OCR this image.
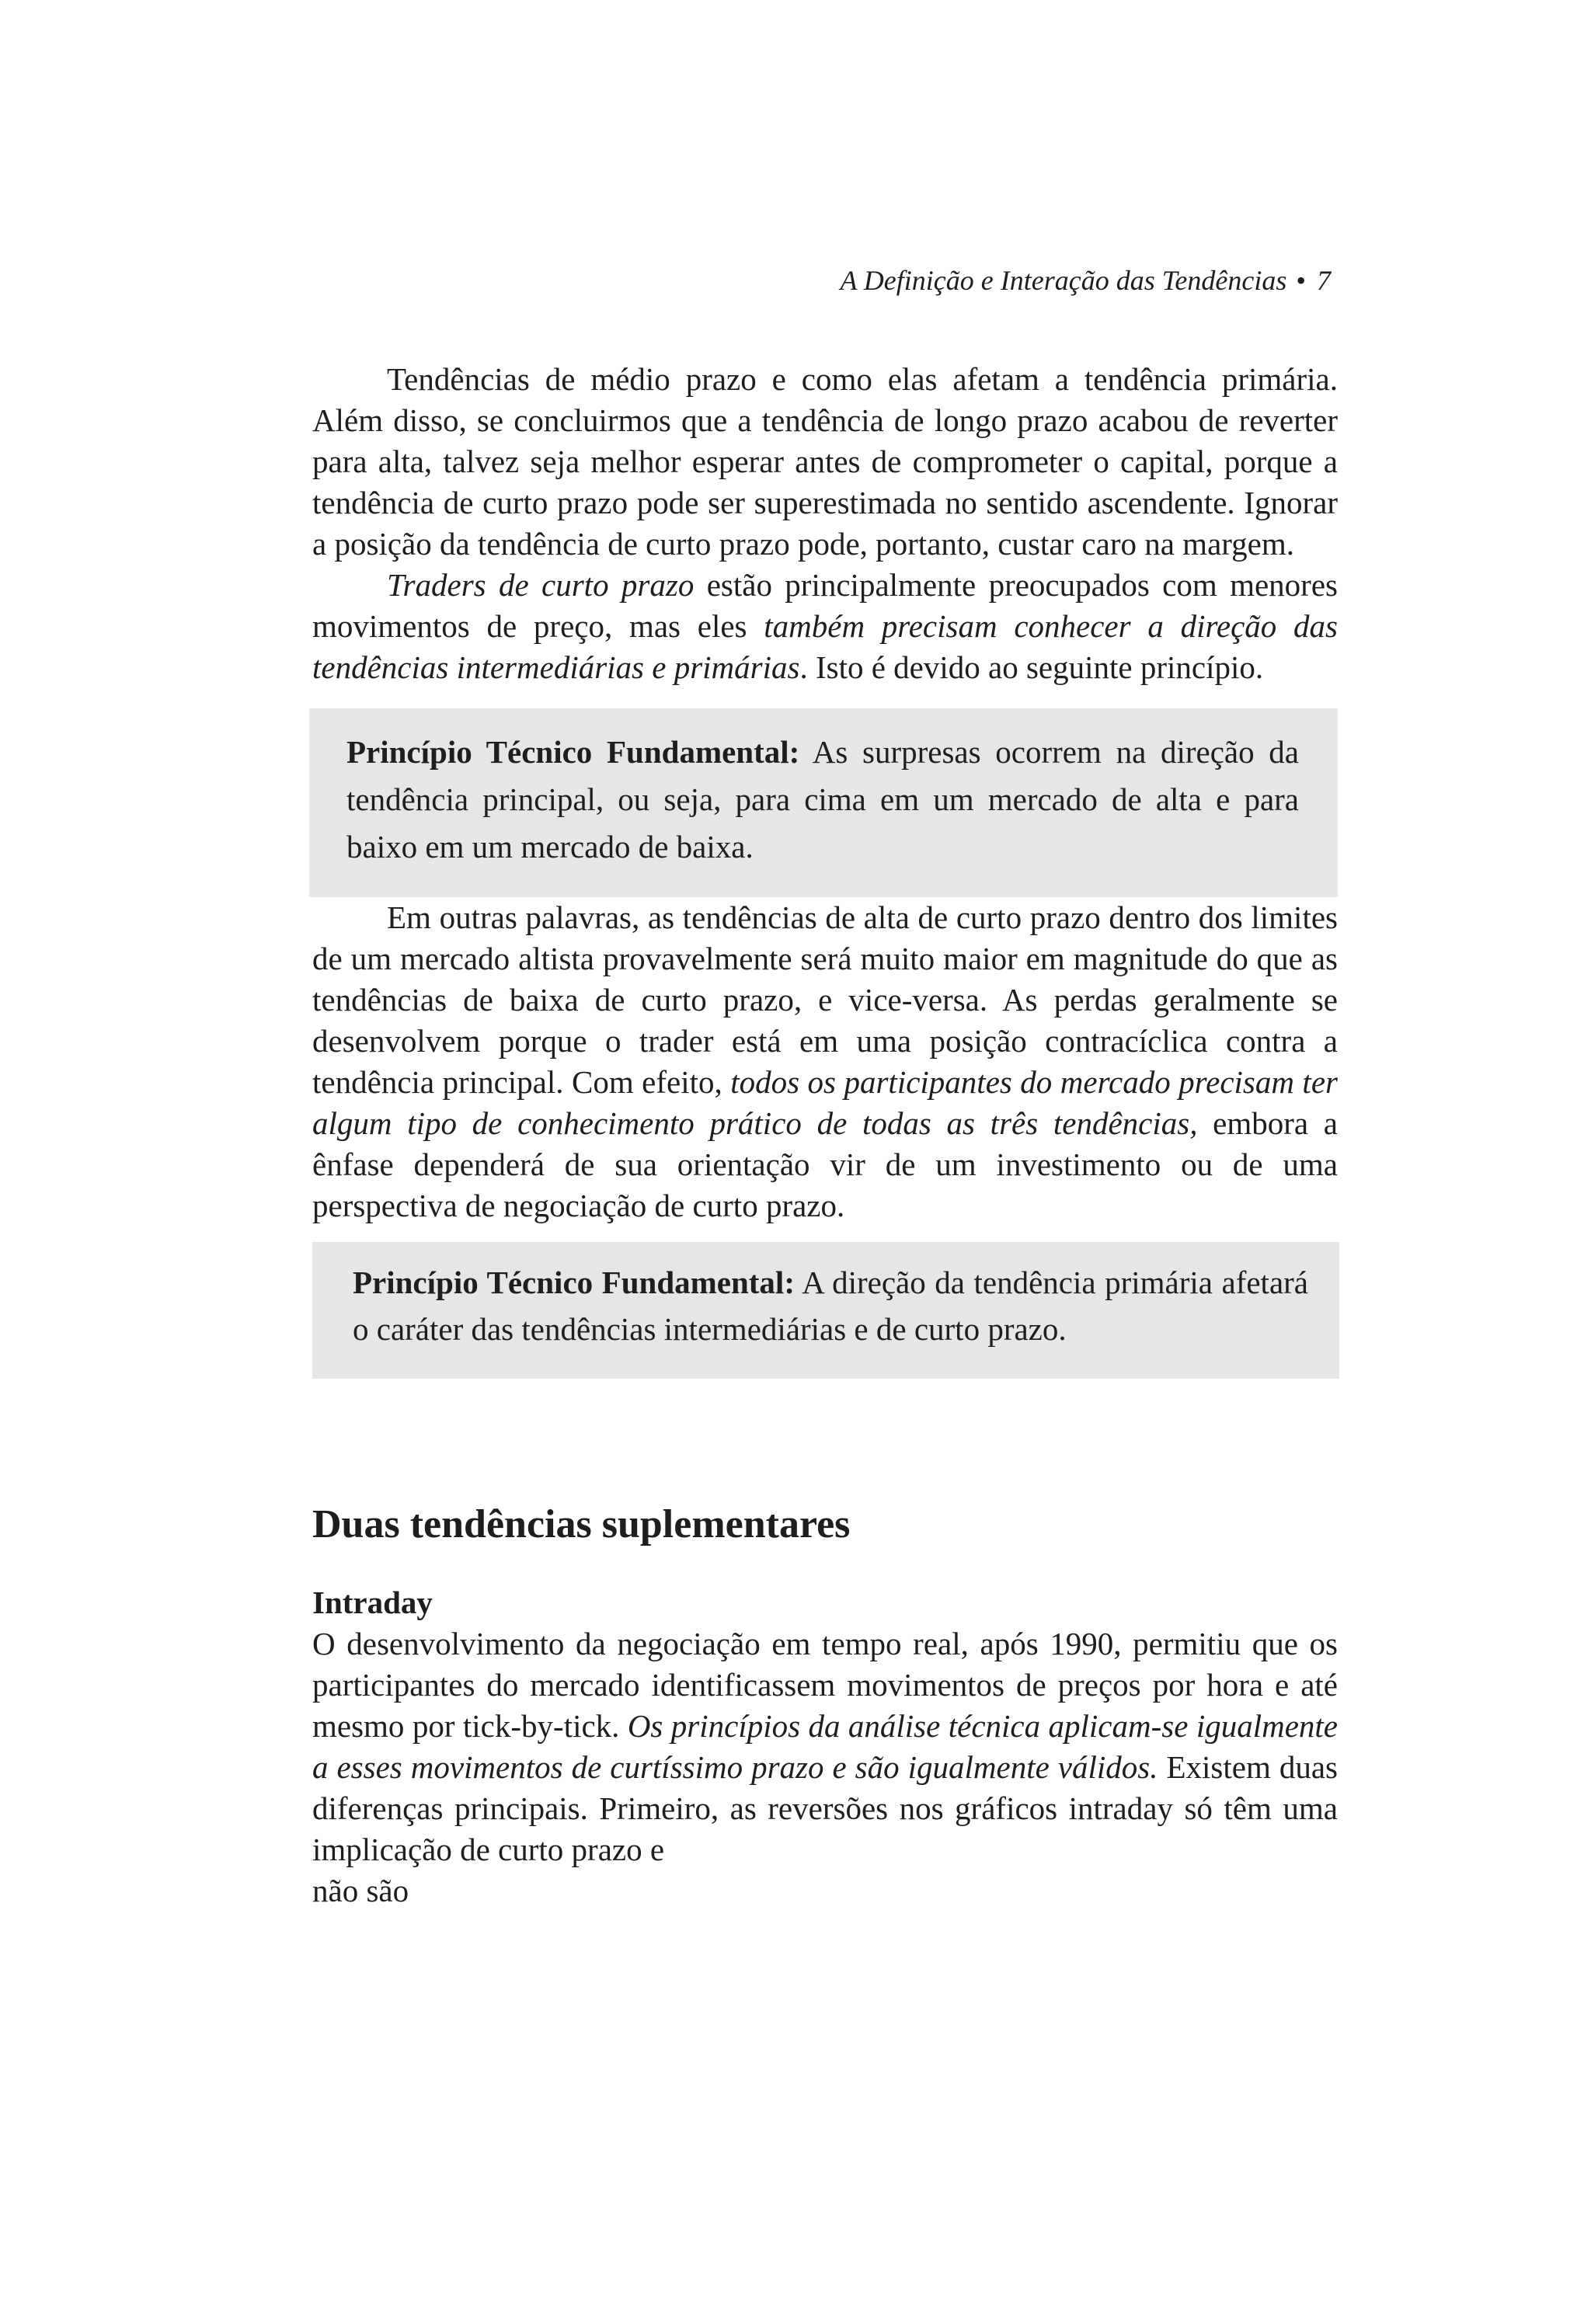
A Definição e Interação das Tendências • 7

Tendências de médio prazo e como elas afetam a tendência primária. Além disso, se concluirmos que a tendência de longo prazo acabou de reverter para alta, talvez seja melhor esperar antes de comprometer o capital, porque a tendência de curto prazo pode ser superestimada no sentido ascendente. Ignorar a posição da tendência de curto prazo pode, portanto, custar caro na margem.

Traders de curto prazo estão principalmente preocupados com menores movimentos de preço, mas eles também precisam conhecer a direção das tendências intermediárias e primárias. Isto é devido ao seguinte princípio.

Princípio Técnico Fundamental: As surpresas ocorrem na direção da tendência principal, ou seja, para cima em um mercado de alta e para baixo em um mercado de baixa.

Em outras palavras, as tendências de alta de curto prazo dentro dos limites de um mercado altista provavelmente será muito maior em magnitude do que as tendências de baixa de curto prazo, e vice-versa. As perdas geralmente se desenvolvem porque o trader está em uma posição contracíclica contra a tendência principal. Com efeito, todos os participantes do mercado precisam ter algum tipo de conhecimento prático de todas as três tendências, embora a ênfase dependerá de sua orientação vir de um investimento ou de uma perspectiva de negociação de curto prazo.

Princípio Técnico Fundamental: A direção da tendência primária afetará o caráter das tendências intermediárias e de curto prazo.
Duas tendências suplementares
Intraday

O desenvolvimento da negociação em tempo real, após 1990, permitiu que os participantes do mercado identificassem movimentos de preços por hora e até mesmo por tick-by-tick. Os princípios da análise técnica aplicam-se igualmente a esses movimentos de curtíssimo prazo e são igualmente válidos. Existem duas diferenças principais. Primeiro, as reversões nos gráficos intraday só têm uma implicação de curto prazo e

não são
